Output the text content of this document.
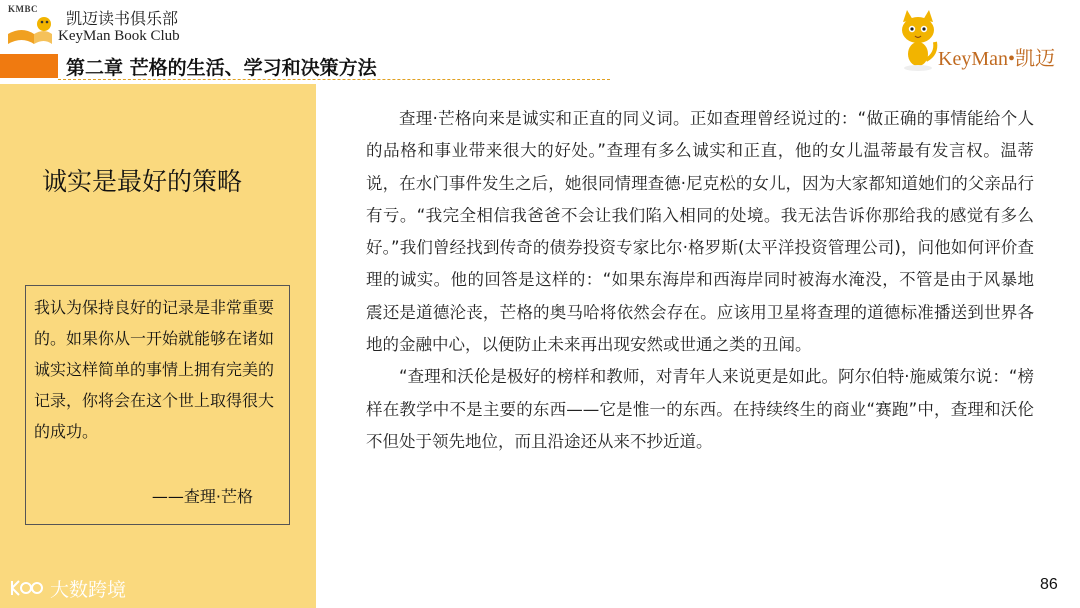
KMBC 凯迈读书俱乐部
KeyMan Book Club
第二章 芒格的生活、学习和决策方法	KeyMan•凯迈
诚实是最好的策略
我认为保持良好的记录是非常重要的。如果你从一开始就能够在诸如诚实这样简单的事情上拥有完美的记录，你将会在这个世上取得很大的成功。
——查理·芒格
大数跨境

查理·芒格向来是诚实和正直的同义词。正如查理曾经说过的：“做正确的事情能给个人的品格和事业带来很大的好处。”查理有多么诚实和正直，他的女儿温蒂最有发言权。温蒂说，在水门事件发生之后，她很同情理查德·尼克松的女儿，因为大家都知道她们的父亲品行有亏。“我完全相信我爸爸不会让我们陷入相同的处境。我无法告诉你那给我的感觉有多么好。”我们曾经找到传奇的债券投资专家比尔·格罗斯(太平洋投资管理公司)，问他如何评价查理的诚实。他的回答是这样的：“如果东海岸和西海岸同时被海水淹没，不管是由于风暴地震还是道德沦丧，芒格的奥马哈将依然会存在。应该用卫星将查理的道德标准播送到世界各地的金融中心，以便防止未来再出现安然或世通之类的丑闻。

“查理和沃伦是极好的榜样和教师，对青年人来说更是如此。阿尔伯特·施威策尔说：“榜样在教学中不是主要的东西——它是惟一的东西。在持续终生的商业“赛跑”中，查理和沃伦不但处于领先地位，而且沿途还从来不抄近道。

86
